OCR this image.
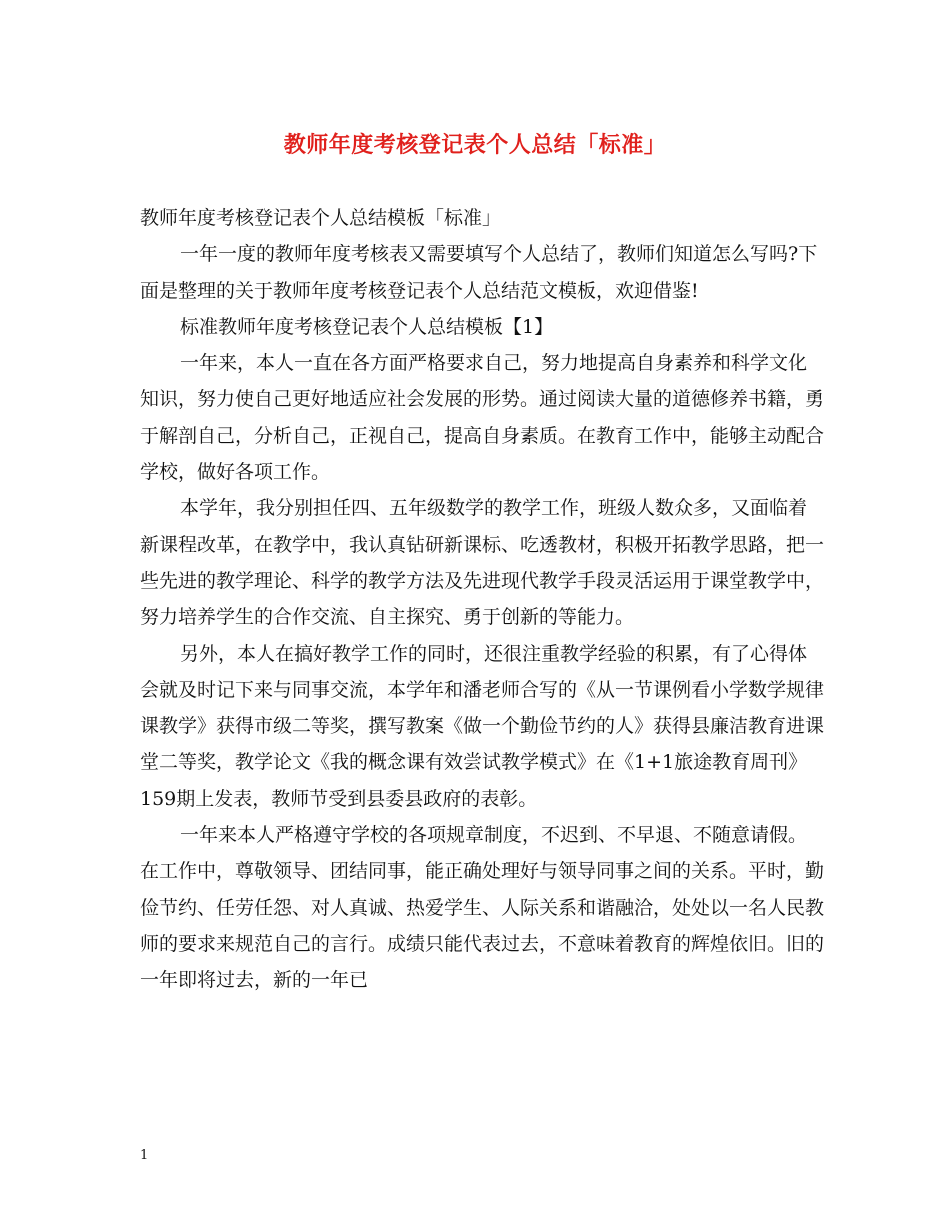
教师年度考核登记表个人总结「标准」

教师年度考核登记表个人总结模板「标准」

一年一度的教师年度考核表又需要填写个人总结了，教师们知道怎么写吗?下面是整理的关于教师年度考核登记表个人总结范文模板，欢迎借鉴!

标准教师年度考核登记表个人总结模板【1】

一年来，本人一直在各方面严格要求自己，努力地提高自身素养和科学文化知识，努力使自己更好地适应社会发展的形势。通过阅读大量的道德修养书籍，勇于解剖自己，分析自己，正视自己，提高自身素质。在教育工作中，能够主动配合学校，做好各项工作。

本学年，我分别担任四、五年级数学的教学工作，班级人数众多，又面临着新课程改革，在教学中，我认真钻研新课标、吃透教材，积极开拓教学思路，把一些先进的教学理论、科学的教学方法及先进现代教学手段灵活运用于课堂教学中，努力培养学生的合作交流、自主探究、勇于创新的等能力。

另外，本人在搞好教学工作的同时，还很注重教学经验的积累，有了心得体会就及时记下来与同事交流，本学年和潘老师合写的《从一节课例看小学数学规律课教学》获得市级二等奖，撰写教案《做一个勤俭节约的人》获得县廉洁教育进课堂二等奖，教学论文《我的概念课有效尝试教学模式》在《1+1旅途教育周刊》159期上发表，教师节受到县委县政府的表彰。

一年来本人严格遵守学校的各项规章制度，不迟到、不早退、不随意请假。在工作中，尊敬领导、团结同事，能正确处理好与领导同事之间的关系。平时，勤俭节约、任劳任怨、对人真诚、热爱学生、人际关系和谐融洽，处处以一名人民教师的要求来规范自己的言行。成绩只能代表过去，不意味着教育的辉煌依旧。旧的一年即将过去，新的一年已

1
